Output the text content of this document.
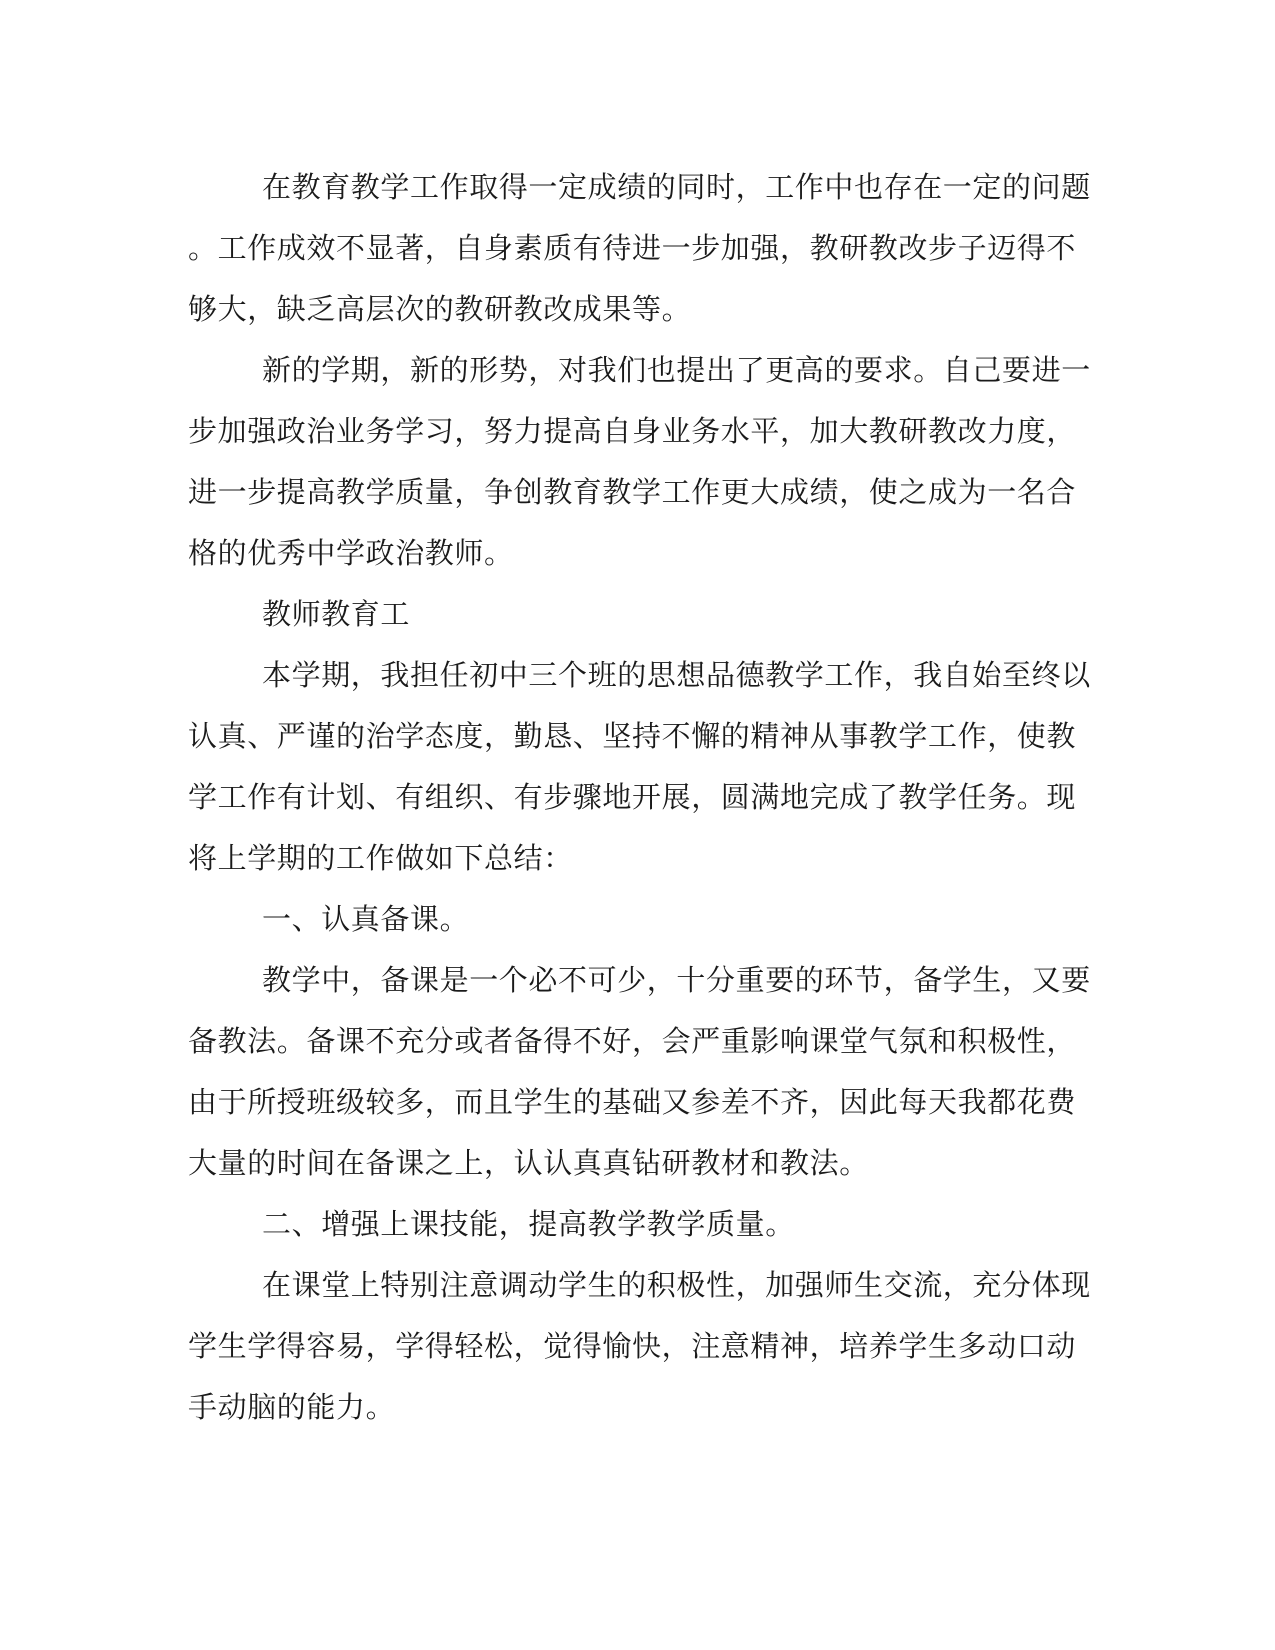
在教育教学工作取得一定成绩的同时，工作中也存在一定的问题
。工作成效不显著，自身素质有待进一步加强，教研教改步子迈得不
够大，缺乏高层次的教研教改成果等。
新的学期，新的形势，对我们也提出了更高的要求。自己要进一
步加强政治业务学习，努力提高自身业务水平，加大教研教改力度，
进一步提高教学质量，争创教育教学工作更大成绩，使之成为一名合
格的优秀中学政治教师。
教师教育工
本学期，我担任初中三个班的思想品德教学工作，我自始至终以
认真、严谨的治学态度，勤恳、坚持不懈的精神从事教学工作，使教
学工作有计划、有组织、有步骤地开展，圆满地完成了教学任务。现
将上学期的工作做如下总结：
一、认真备课。
教学中，备课是一个必不可少，十分重要的环节，备学生，又要
备教法。备课不充分或者备得不好，会严重影响课堂气氛和积极性，
由于所授班级较多，而且学生的基础又参差不齐，因此每天我都花费
大量的时间在备课之上，认认真真钻研教材和教法。
二、增强上课技能，提高教学教学质量。
在课堂上特别注意调动学生的积极性，加强师生交流，充分体现
学生学得容易，学得轻松，觉得愉快，注意精神，培养学生多动口动
手动脑的能力。
